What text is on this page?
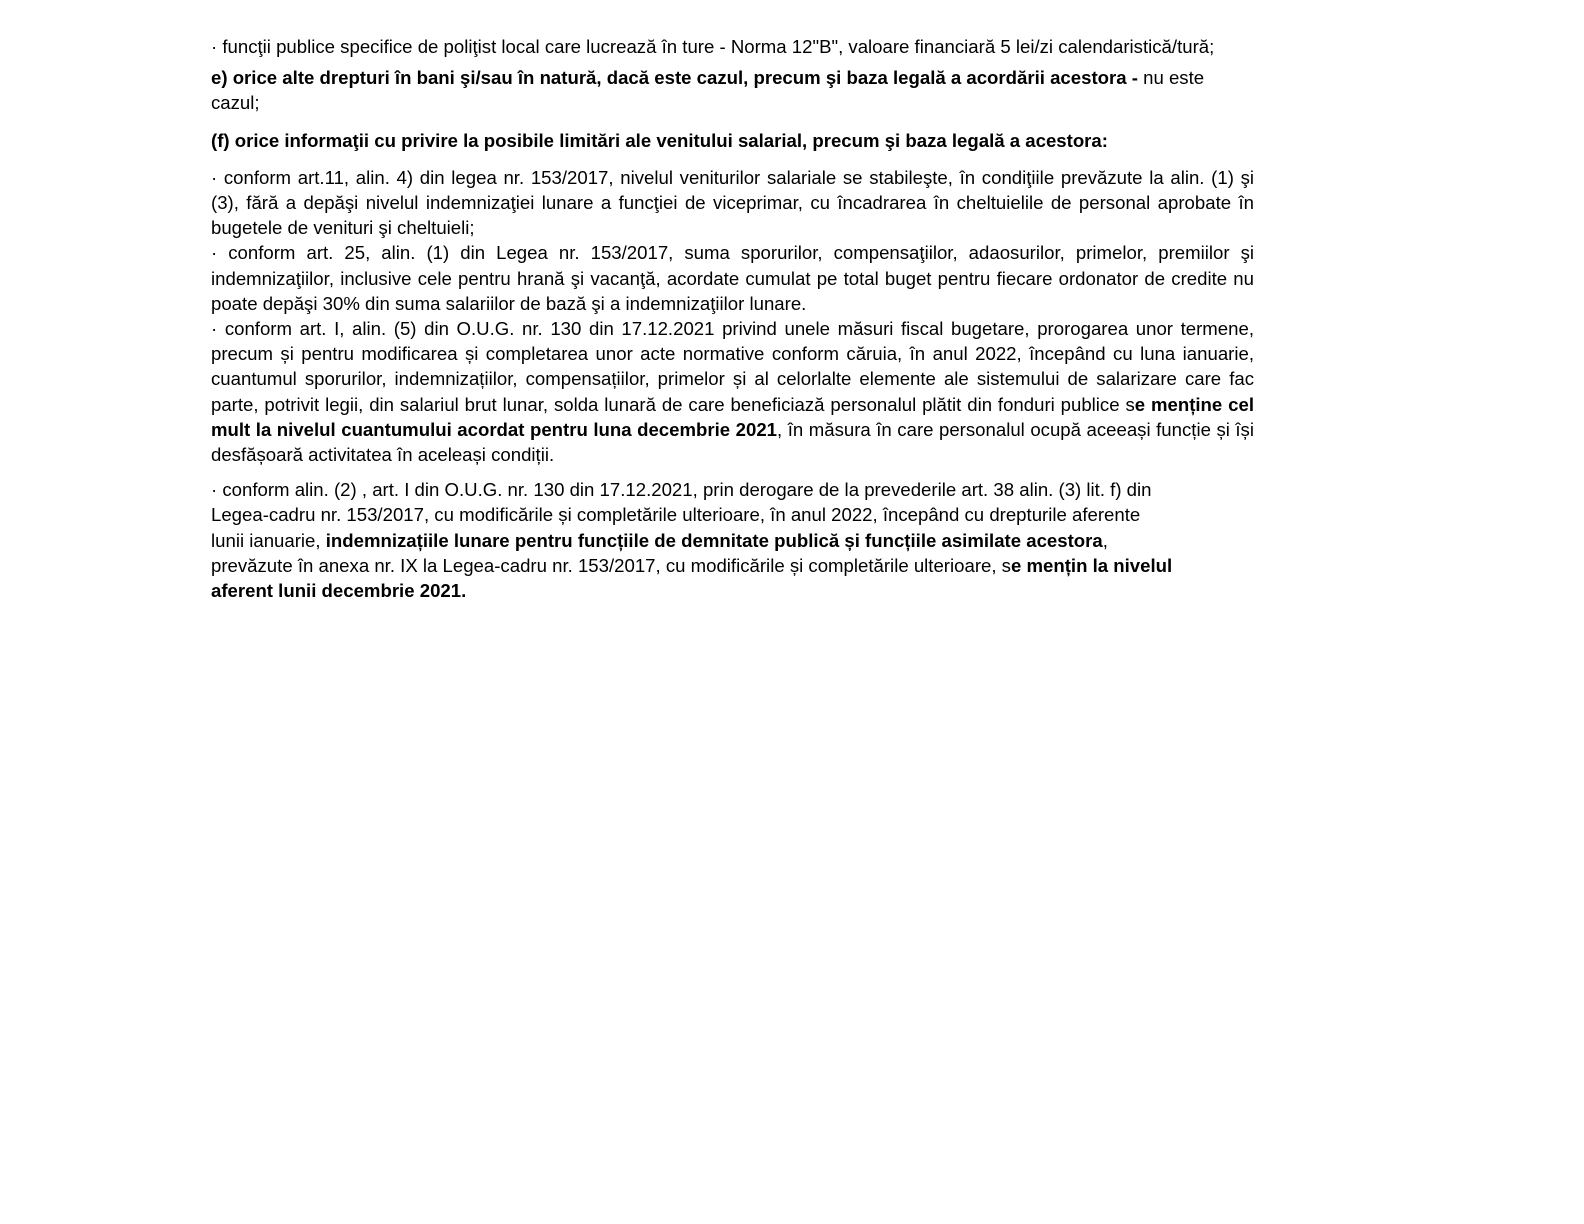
· funcţii publice specifice de poliţist local care lucrează în ture - Norma 12"B", valoare financiară 5 lei/zi calendaristică/tură;

e) orice alte drepturi în bani şi/sau în natură, dacă este cazul, precum şi baza legală a acordării acestora - nu este cazul;

(f) orice informaţii cu privire la posibile limitări ale venitului salarial, precum şi baza legală a acestora:

· conform art.11, alin. 4) din legea nr. 153/2017, nivelul veniturilor salariale se stabileşte, în condiţiile prevăzute la alin. (1) şi (3), fără a depăşi nivelul indemnizaţiei lunare a funcţiei de viceprimar, cu încadrarea în cheltuielile de personal aprobate în bugetele de venituri şi cheltuieli;

· conform art. 25, alin. (1) din Legea nr. 153/2017, suma sporurilor, compensaţiilor, adaosurilor, primelor, premiilor şi indemnizaţiilor, inclusive cele pentru hrană şi vacanţă, acordate cumulat pe total buget pentru fiecare ordonator de credite nu poate depăşi 30% din suma salariilor de bază şi a indemnizaţiilor lunare.

· conform art. I, alin. (5) din O.U.G. nr. 130 din 17.12.2021 privind unele măsuri fiscal bugetare, prorogarea unor termene, precum și pentru modificarea și completarea unor acte normative conform căruia, în anul 2022, începând cu luna ianuarie, cuantumul sporurilor, indemnizațiilor, compensațiilor, primelor și al celorlalte elemente ale sistemului de salarizare care fac parte, potrivit legii, din salariul brut lunar, solda lunară de care beneficiază personalul plătit din fonduri publice se menține cel mult la nivelul cuantumului acordat pentru luna decembrie 2021, în măsura în care personalul ocupă aceeași funcție și își desfășoară activitatea în aceleași condiții.

· conform alin. (2) , art. I din O.U.G. nr. 130 din 17.12.2021, prin derogare de la prevederile art. 38 alin. (3) lit. f) din
Legea-cadru nr. 153/2017, cu modificările și completările ulterioare, în anul 2022, începând cu drepturile aferente
lunii ianuarie, indemnizațiile lunare pentru funcțiile de demnitate publică și funcțiile asimilate acestora,
prevăzute în anexa nr. IX la Legea-cadru nr. 153/2017, cu modificările și completările ulterioare, se mențin la nivelul
aferent lunii decembrie 2021.
